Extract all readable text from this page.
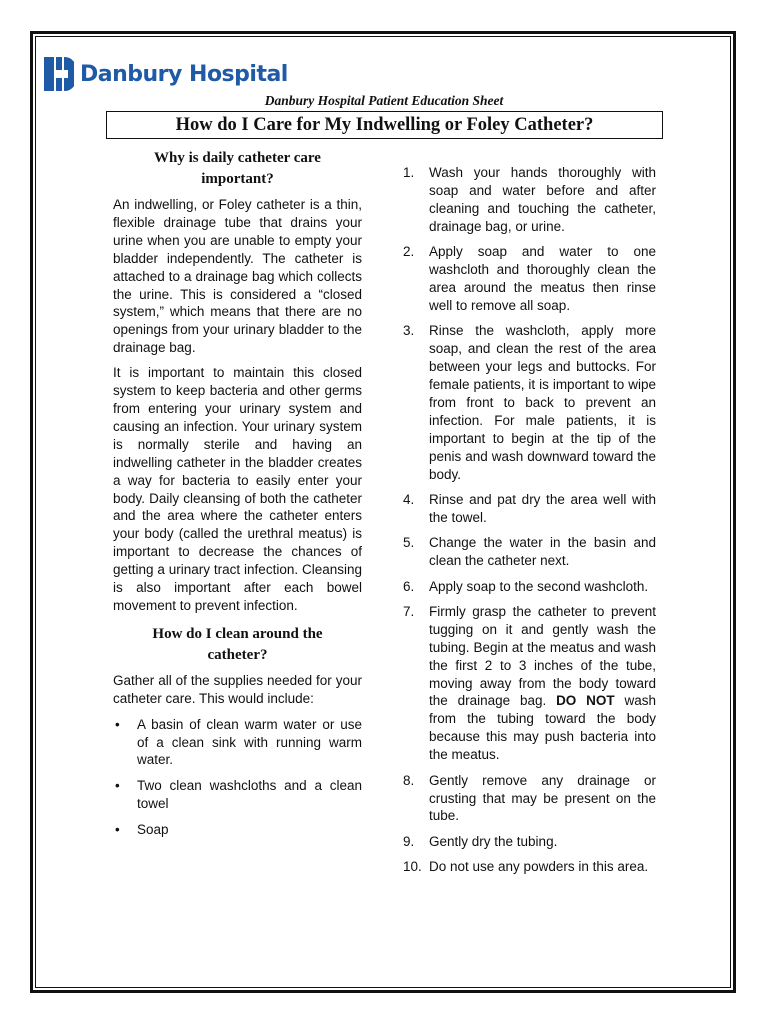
Danbury Hospital
Danbury Hospital Patient Education Sheet
How do I Care for My Indwelling or Foley Catheter?
Why is daily catheter care important?

An indwelling, or Foley catheter is a thin, flexible drainage tube that drains your urine when you are unable to empty your bladder independently. The catheter is attached to a drainage bag which collects the urine. This is considered a “closed system,” which means that there are no openings from your urinary bladder to the drainage bag.

It is important to maintain this closed system to keep bacteria and other germs from entering your urinary system and causing an infection. Your urinary system is normally sterile and having an indwelling catheter in the bladder creates a way for bacteria to easily enter your body. Daily cleansing of both the catheter and the area where the catheter enters your body (called the urethral meatus) is important to decrease the chances of getting a urinary tract infection. Cleansing is also important after each bowel movement to prevent infection.

How do I clean around the catheter?

Gather all of the supplies needed for your catheter care. This would include:

• A basin of clean warm water or use of a clean sink with running warm water.
• Two clean washcloths and a clean towel
• Soap
1. Wash your hands thoroughly with soap and water before and after cleaning and touching the catheter, drainage bag, or urine.
2. Apply soap and water to one washcloth and thoroughly clean the area around the meatus then rinse well to remove all soap.
3. Rinse the washcloth, apply more soap, and clean the rest of the area between your legs and buttocks. For female patients, it is important to wipe from front to back to prevent an infection. For male patients, it is important to begin at the tip of the penis and wash downward toward the body.
4. Rinse and pat dry the area well with the towel.
5. Change the water in the basin and clean the catheter next.
6. Apply soap to the second washcloth.
7. Firmly grasp the catheter to prevent tugging on it and gently wash the tubing. Begin at the meatus and wash the first 2 to 3 inches of the tube, moving away from the body toward the drainage bag. DO NOT wash from the tubing toward the body because this may push bacteria into the meatus.
8. Gently remove any drainage or crusting that may be present on the tube.
9. Gently dry the tubing.
10. Do not use any powders in this area.
